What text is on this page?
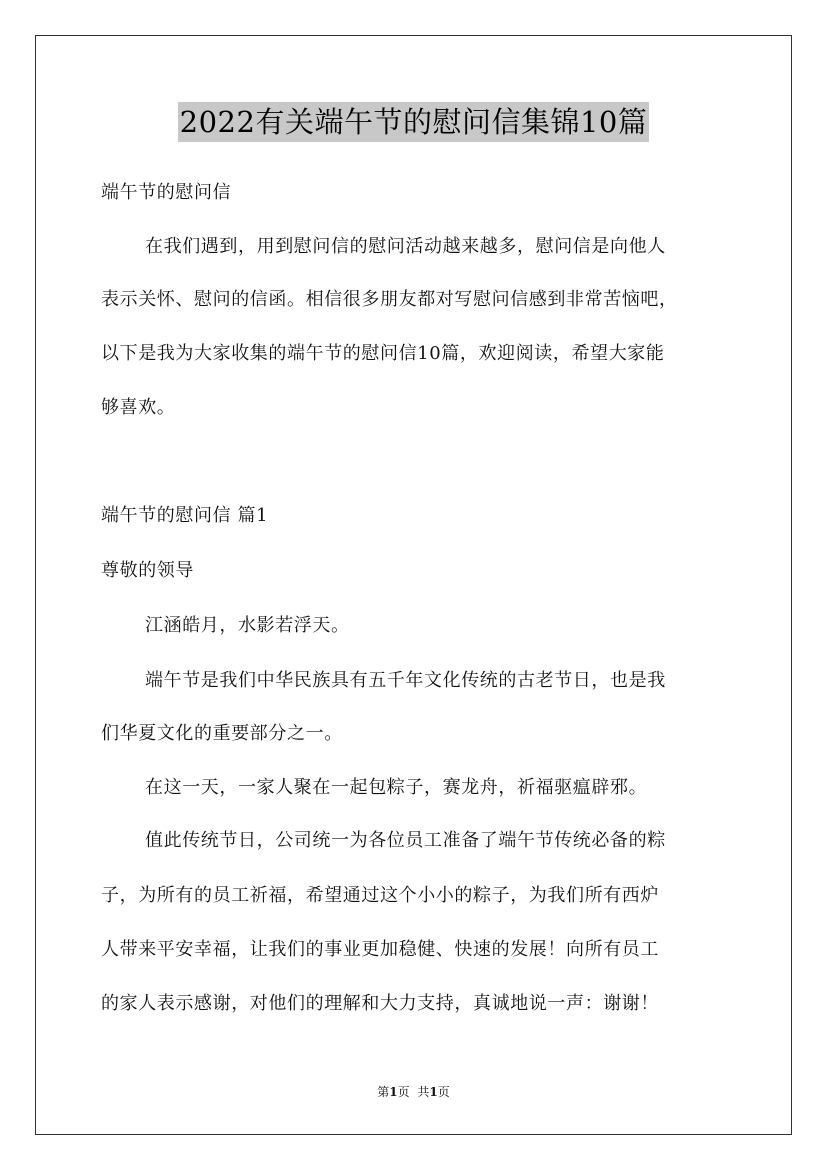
2022有关端午节的慰问信集锦10篇
端午节的慰问信
在我们遇到，用到慰问信的慰问活动越来越多，慰问信是向他人
表示关怀、慰问的信函。相信很多朋友都对写慰问信感到非常苦恼吧，
以下是我为大家收集的端午节的慰问信10篇，欢迎阅读，希望大家能
够喜欢。
端午节的慰问信 篇1
尊敬的领导
江涵皓月，水影若浮天。
端午节是我们中华民族具有五千年文化传统的古老节日，也是我
们华夏文化的重要部分之一。
在这一天，一家人聚在一起包粽子，赛龙舟，祈福驱瘟辟邪。
值此传统节日，公司统一为各位员工准备了端午节传统必备的粽
子，为所有的员工祈福，希望通过这个小小的粽子，为我们所有西炉
人带来平安幸福，让我们的事业更加稳健、快速的发展！向所有员工
的家人表示感谢，对他们的理解和大力支持，真诚地说一声：谢谢！
第1页 共1页
